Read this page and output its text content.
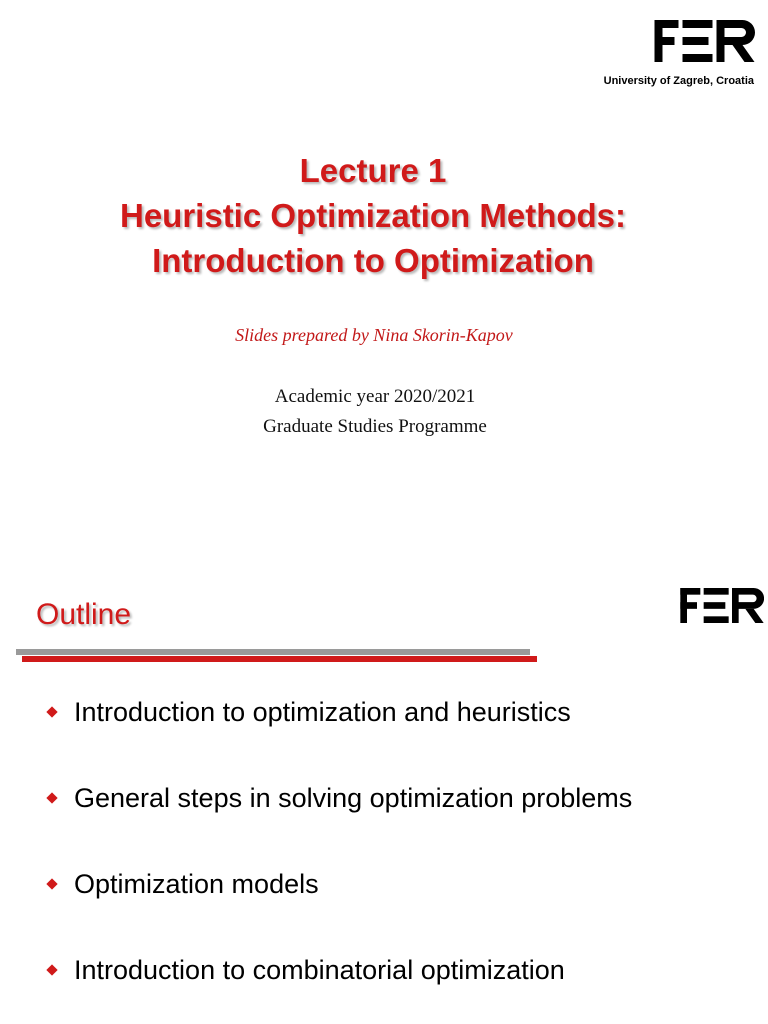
University of Zagreb, Croatia
Lecture 1
Heuristic Optimization Methods:
Introduction to Optimization
Slides prepared by Nina Skorin-Kapov
Academic year 2020/2021
Graduate Studies Programme
Outline
Introduction to optimization and heuristics
General steps in solving optimization problems
Optimization models
Introduction to combinatorial optimization
